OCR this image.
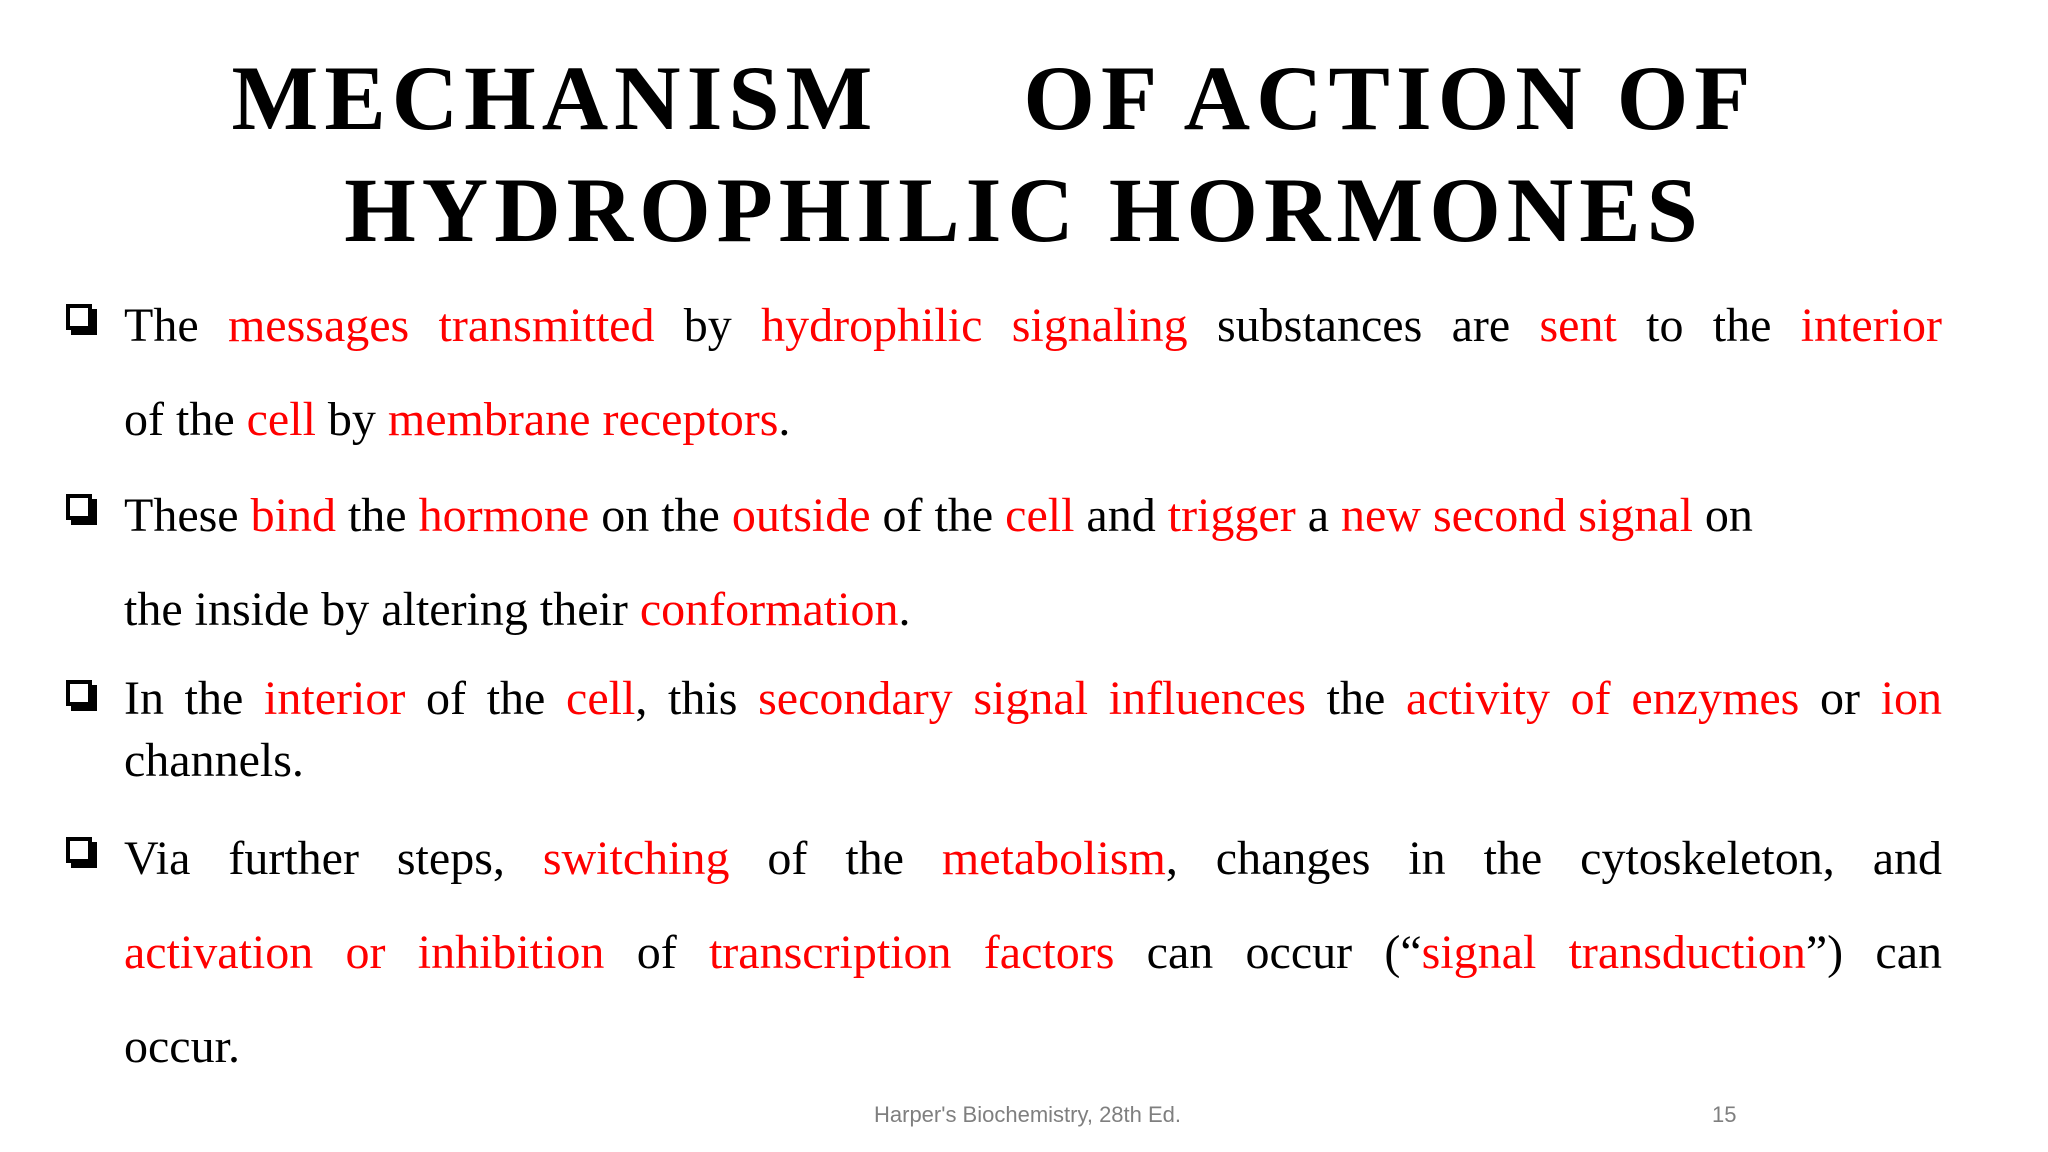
MECHANISM     OF ACTION OF
HYDROPHILIC HORMONES
The messages transmitted by hydrophilic signaling substances are sent to the interior
of the cell by membrane receptors.
These bind the hormone on the outside of the cell and trigger a new second signal on
the inside by altering their conformation.
In the interior of the cell, this secondary signal influences the activity of enzymes or ion
channels.
Via further steps, switching of the metabolism, changes in the cytoskeleton, and
activation or inhibition of transcription factors can occur (“signal transduction”) can
occur.
Harper's Biochemistry, 28th Ed.	15
